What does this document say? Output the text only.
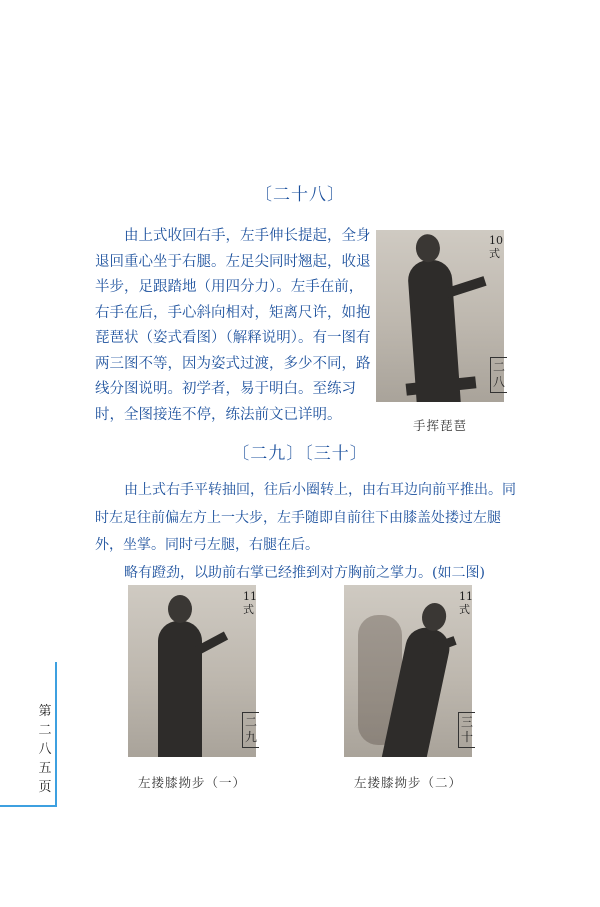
〔二十八〕
由上式收回右手，左手伸长提起，全身
退回重心坐于右腿。左足尖同时翘起，收退
半步，足跟踏地（用四分力）。左手在前，
右手在后，手心斜向相对，矩离尺许，如抱
琵琶状（姿式看图）（解释说明）。有一图有
两三图不等，因为姿式过渡，多少不同，路
线分图说明。初学者，易于明白。至练习
时，全图接连不停，练法前文已详明。
10式
二八
手挥琵琶
〔二九〕〔三十〕
由上式右手平转抽回，往后小圈转上，由右耳边向前平推出。同
时左足往前偏左方上一大步，左手随即自前往下由膝盖处搂过左腿
外，坐掌。同时弓左腿，右腿在后。
略有蹬劲，以助前右掌已经推到对方胸前之掌力。(如二图)
11式
二九
左搂膝拗步（一）
11式
三十
左搂膝拗步（二）
第
二
八
五
页
